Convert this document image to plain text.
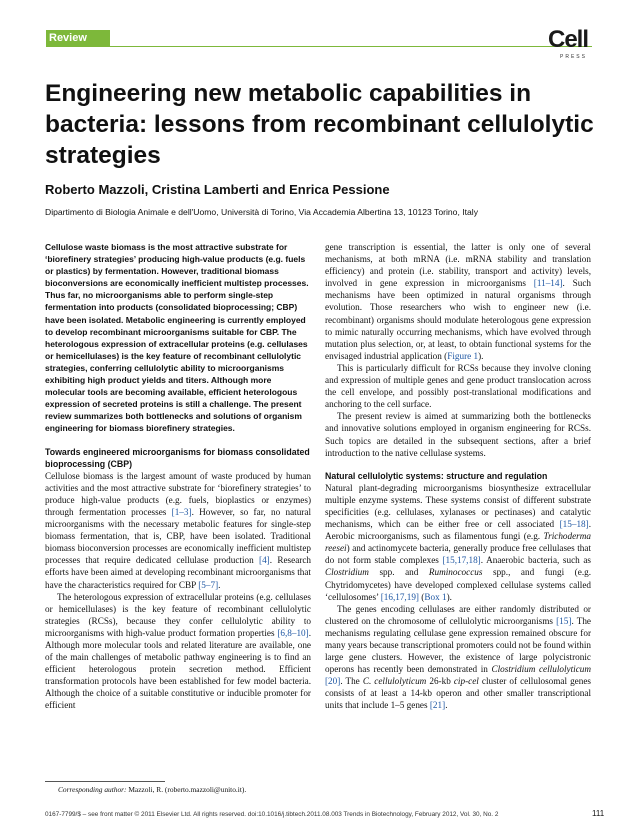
Review	Cell
PRESS
Engineering new metabolic capabilities in bacteria: lessons from recombinant cellulolytic strategies
Roberto Mazzoli, Cristina Lamberti and Enrica Pessione
Dipartimento di Biologia Animale e dell'Uomo, Università di Torino, Via Accademia Albertina 13, 10123 Torino, Italy

Cellulose waste biomass is the most attractive substrate for ‘biorefinery strategies’ producing high-value products (e.g. fuels or plastics) by fermentation. However, traditional biomass bioconversions are economically inefficient multistep processes. Thus far, no microorganisms able to perform single-step fermentation into products (consolidated bioprocessing; CBP) have been isolated. Metabolic engineering is currently employed to develop recombinant microorganisms suitable for CBP. The heterologous expression of extracellular proteins (e.g. cellulases or hemicellulases) is the key feature of recombinant cellulolytic strategies, conferring cellulolytic ability to microorganisms exhibiting high product yields and titers. Although more molecular tools are becoming available, efficient heterologous expression of secreted proteins is still a challenge. The present review summarizes both bottlenecks and solutions of organism engineering for biomass biorefinery strategies.

Towards engineered microorganisms for biomass consolidated bioprocessing (CBP)

Cellulose biomass is the largest amount of waste produced by human activities and the most attractive substrate for ‘biorefinery strategies’ to produce high-value products (e.g. fuels, bioplastics or enzymes) through fermentation processes [1–3]. However, so far, no natural microorganisms with the necessary metabolic features for single-step biomass fermentation, that is, CBP, have been isolated. Traditional biomass bioconversion processes are economically inefficient multistep processes that require dedicated cellulase production [4]. Research efforts have been aimed at developing recombinant microorganisms that have the characteristics required for CBP [5–7].

The heterologous expression of extracellular proteins (e.g. cellulases or hemicellulases) is the key feature of recombinant cellulolytic strategies (RCSs), because they confer cellulolytic ability to microorganisms with high-value product formation properties [6,8–10]. Although more molecular tools and related literature are available, one of the main challenges of metabolic pathway engineering is to find an efficient heterologous protein secretion method. Efficient transformation protocols have been established for few model bacteria. Although the choice of a suitable constitutive or inducible promoter for efficient

gene transcription is essential, the latter is only one of several mechanisms, at both mRNA (i.e. mRNA stability and translation efficiency) and protein (i.e. stability, transport and activity) levels, involved in gene expression in microorganisms [11–14]. Such mechanisms have been optimized in natural organisms through evolution. Those researchers who wish to engineer new (i.e. recombinant) organisms should modulate heterologous gene expression to mimic naturally occurring mechanisms, which have evolved through mutation plus selection, or, at least, to obtain functional systems for the envisaged industrial application (Figure 1).

This is particularly difficult for RCSs because they involve cloning and expression of multiple genes and gene product translocation across the cell envelope, and possibly post-translational modifications and anchoring to the cell surface.

The present review is aimed at summarizing both the bottlenecks and innovative solutions employed in organism engineering for RCSs. Such topics are detailed in the subsequent sections, after a brief introduction to the native cellulase systems.

Natural cellulolytic systems: structure and regulation

Natural plant-degrading microorganisms biosynthesize extracellular multiple enzyme systems. These systems consist of different substrate specificities (e.g. cellulases, xylanases or pectinases) and catalytic mechanisms, which can be either free or cell associated [15–18]. Aerobic microorganisms, such as filamentous fungi (e.g. Trichoderma reesei) and actinomycete bacteria, generally produce free cellulases that do not form stable complexes [15,17,18]. Anaerobic bacteria, such as Clostridium spp. and Ruminococcus spp., and fungi (e.g. Chytridomycetes) have developed complexed cellulase systems called ‘cellulosomes’ [16,17,19] (Box 1).

The genes encoding cellulases are either randomly distributed or clustered on the chromosome of cellulolytic microorganisms [15]. The mechanisms regulating cellulase gene expression remained obscure for many years because transcriptional promoters could not be found within large gene clusters. However, the existence of large polycistronic operons has recently been demonstrated in Clostridium cellulolyticum [20]. The C. cellulolyticum 26-kb cip-cel cluster of cellulosomal genes consists of at least a 14-kb operon and other smaller transcriptional units that include 1–5 genes [21].

Corresponding author: Mazzoli, R. (roberto.mazzoli@unito.it).
0167-7799/$ – see front matter © 2011 Elsevier Ltd. All rights reserved. doi:10.1016/j.tibtech.2011.08.003 Trends in Biotechnology, February 2012, Vol. 30, No. 2	111
